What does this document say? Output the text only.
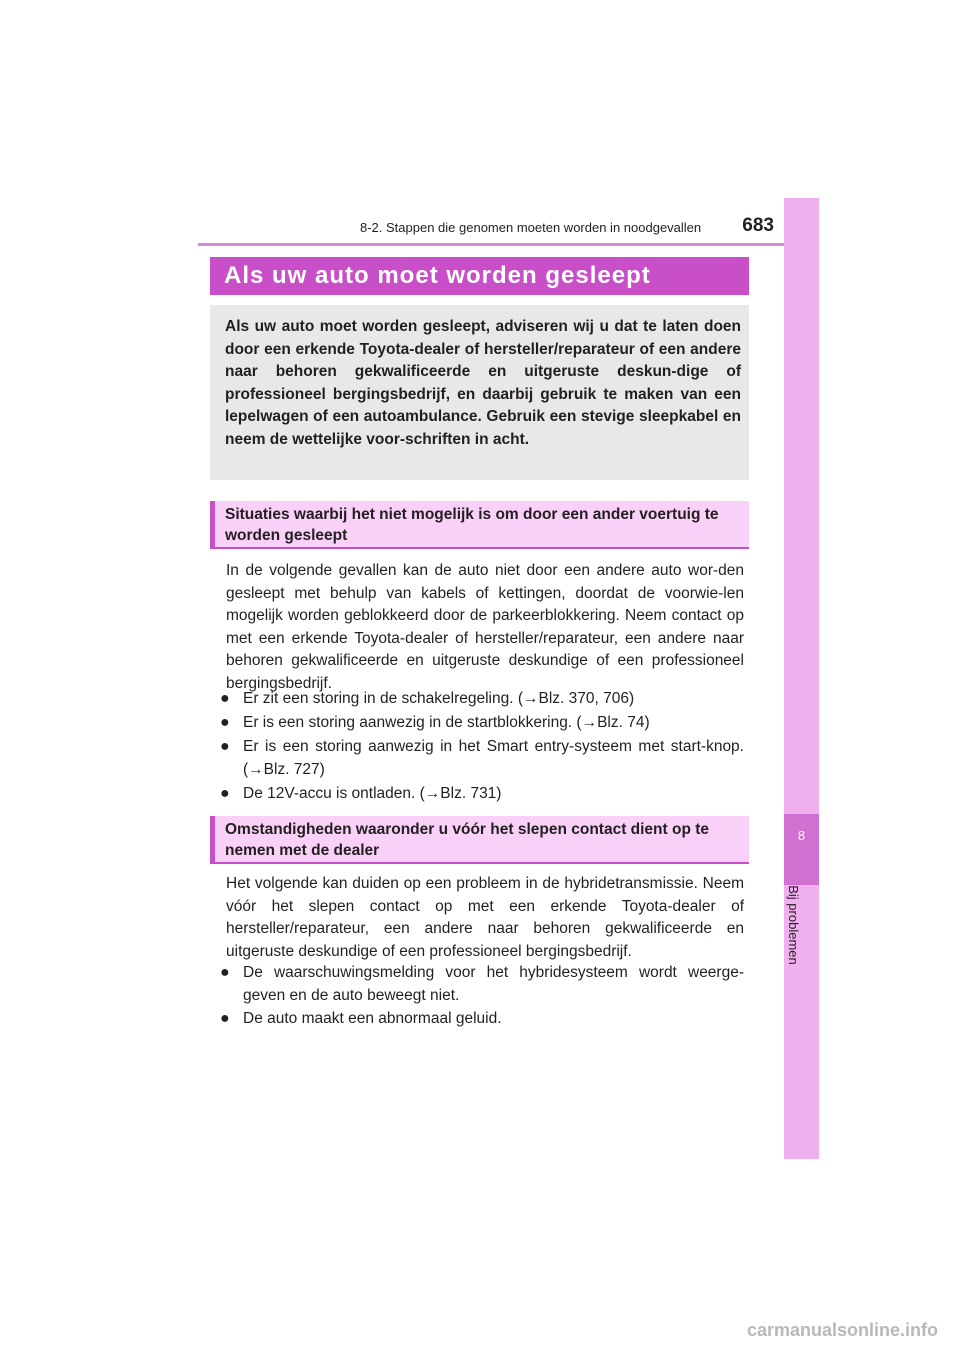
8-2. Stappen die genomen moeten worden in noodgevallen 683
8
Bij problemen
Als uw auto moet worden gesleept

Als uw auto moet worden gesleept, adviseren wij u dat te laten doen door een erkende Toyota-dealer of hersteller/reparateur of een andere naar behoren gekwalificeerde en uitgeruste deskun-dige of professioneel bergingsbedrijf, en daarbij gebruik te maken van een lepelwagen of een autoambulance. Gebruik een stevige sleepkabel en neem de wettelijke voor-schriften in acht.

Situaties waarbij het niet mogelijk is om door een ander voertuig te worden gesleept

In de volgende gevallen kan de auto niet door een andere auto wor-den gesleept met behulp van kabels of kettingen, doordat de voorwie-len mogelijk worden geblokkeerd door de parkeerblokkering. Neem contact op met een erkende Toyota-dealer of hersteller/reparateur, een andere naar behoren gekwalificeerde en uitgeruste deskundige of een professioneel bergingsbedrijf.

● Er zit een storing in de schakelregeling. (→Blz. 370, 706)
● Er is een storing aanwezig in de startblokkering. (→Blz. 74)
● Er is een storing aanwezig in het Smart entry-systeem met start-knop. (→Blz. 727)
● De 12V-accu is ontladen. (→Blz. 731)
Omstandigheden waaronder u vóór het slepen contact dient op te nemen met de dealer

Het volgende kan duiden op een probleem in de hybridetransmissie. Neem vóór het slepen contact op met een erkende Toyota-dealer of hersteller/reparateur, een andere naar behoren gekwalificeerde en uitgeruste deskundige of een professioneel bergingsbedrijf.

● De waarschuwingsmelding voor het hybridesysteem wordt weerge-geven en de auto beweegt niet.
● De auto maakt een abnormaal geluid.
carmanualsonline.info
